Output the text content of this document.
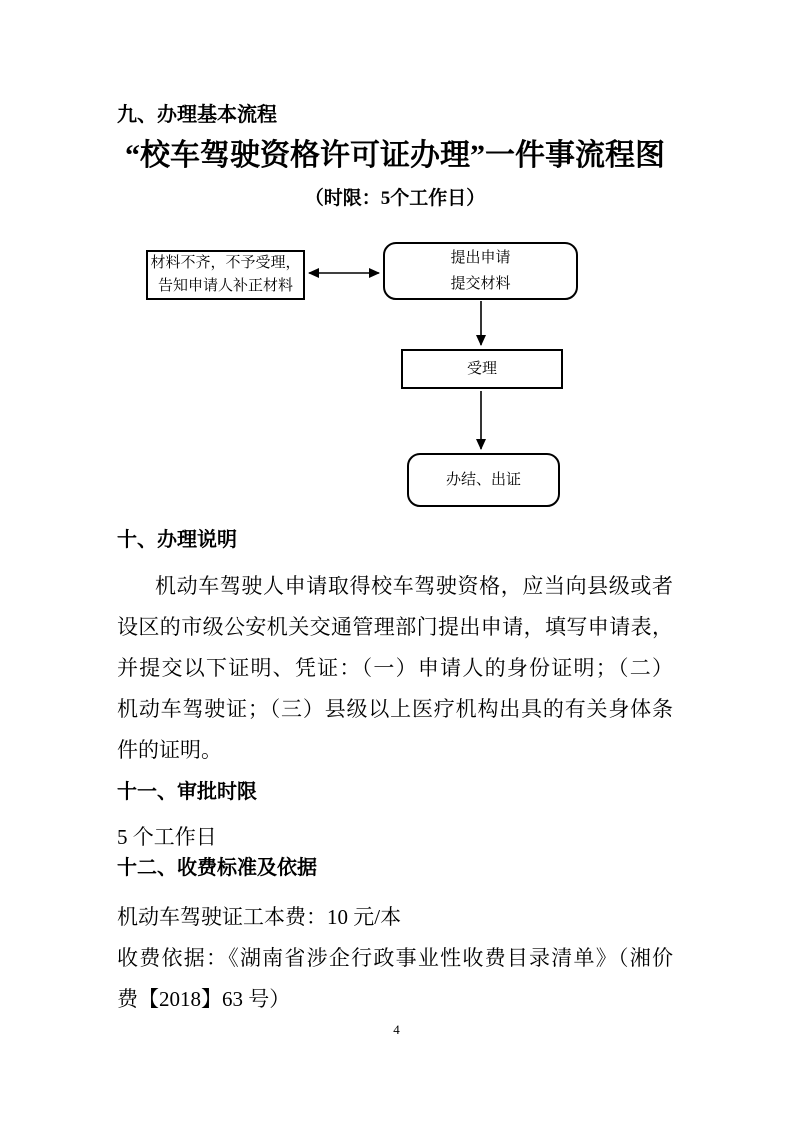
九、办理基本流程
“校车驾驶资格许可证办理”一件事流程图
（时限：5个工作日）
材料不齐，不予受理，
告知申请人补正材料
提出申请
提交材料
受理
办结、出证
十、办理说明
机动车驾驶人申请取得校车驾驶资格，应当向县级或者
设区的市级公安机关交通管理部门提出申请，填写申请表，
并提交以下证明、凭证：（一）申请人的身份证明；（二）
机动车驾驶证；（三）县级以上医疗机构出具的有关身体条
件的证明。
十一、审批时限
5 个工作日
十二、收费标准及依据
机动车驾驶证工本费：10 元/本
收费依据：《湖南省涉企行政事业性收费目录清单》（湘价
费【2018】63 号）
4
